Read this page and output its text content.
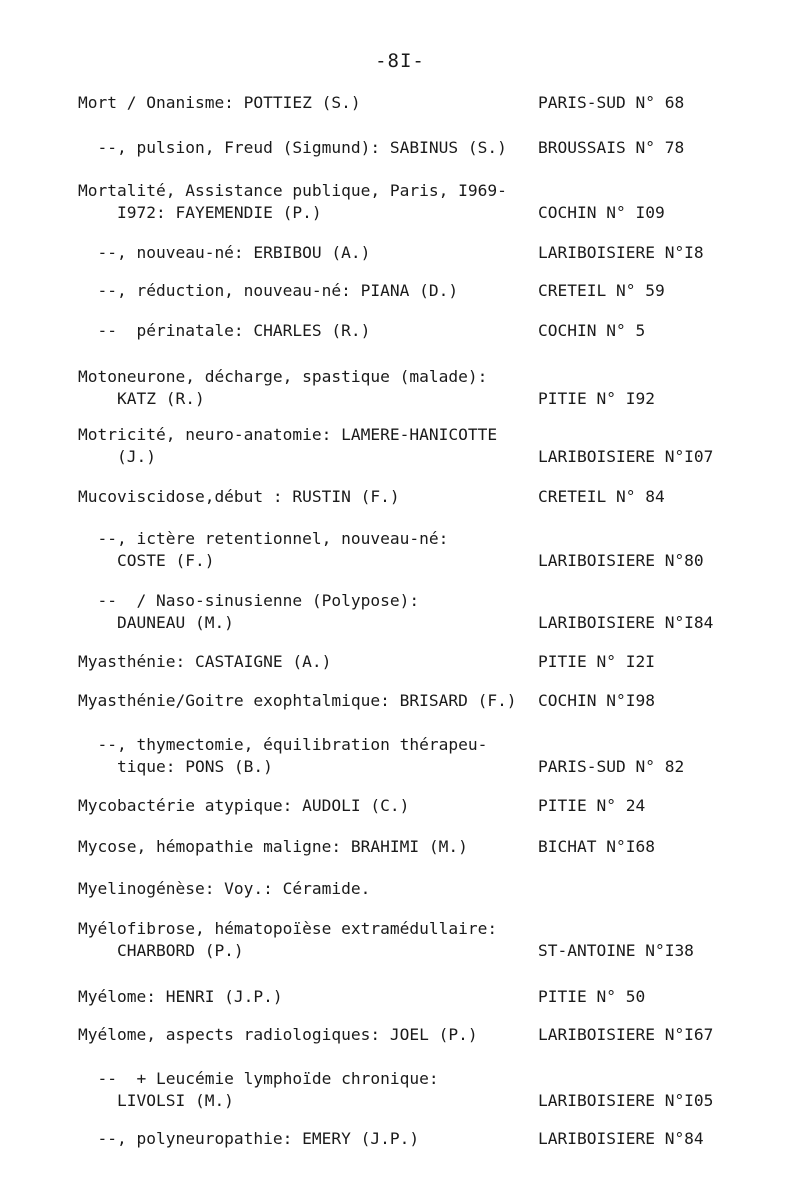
-8I-
Mort / Onanisme: POTTIEZ (S.)	PARIS-SUD N° 68
--, pulsion, Freud (Sigmund): SABINUS (S.)	BROUSSAIS N° 78
Mortalité, Assistance publique, Paris, I969-
I972: FAYEMENDIE (P.)	COCHIN N° I09
--, nouveau-né: ERBIBOU (A.)	LARIBOISIERE N°I8
--, réduction, nouveau-né: PIANA (D.)	CRETEIL N° 59
--  périnatale: CHARLES (R.)	COCHIN N° 5
Motoneurone, décharge, spastique (malade):
KATZ (R.)	PITIE N° I92
Motricité, neuro-anatomie: LAMERE-HANICOTTE
(J.)	LARIBOISIERE N°I07
Mucoviscidose,début : RUSTIN (F.)	CRETEIL N° 84
--, ictère retentionnel, nouveau-né:
COSTE (F.)	LARIBOISIERE N°80
--  / Naso-sinusienne (Polypose):
DAUNEAU (M.)	LARIBOISIERE N°I84
Myasthénie: CASTAIGNE (A.)	PITIE N° I2I
Myasthénie/Goitre exophtalmique: BRISARD (F.)	COCHIN N°I98
--, thymectomie, équilibration thérapeu-
tique: PONS (B.)	PARIS-SUD N° 82
Mycobactérie atypique: AUDOLI (C.)	PITIE N° 24
Mycose, hémopathie maligne: BRAHIMI (M.)	BICHAT N°I68
Myelinogénèse: Voy.: Céramide.
Myélofibrose, hématopoïèse extramédullaire:
CHARBORD (P.)	ST-ANTOINE N°I38
Myélome: HENRI (J.P.)	PITIE N° 50
Myélome, aspects radiologiques: JOEL (P.)	LARIBOISIERE N°I67
--  + Leucémie lymphoïde chronique:
LIVOLSI (M.)	LARIBOISIERE N°I05
--, polyneuropathie: EMERY (J.P.)	LARIBOISIERE N°84
